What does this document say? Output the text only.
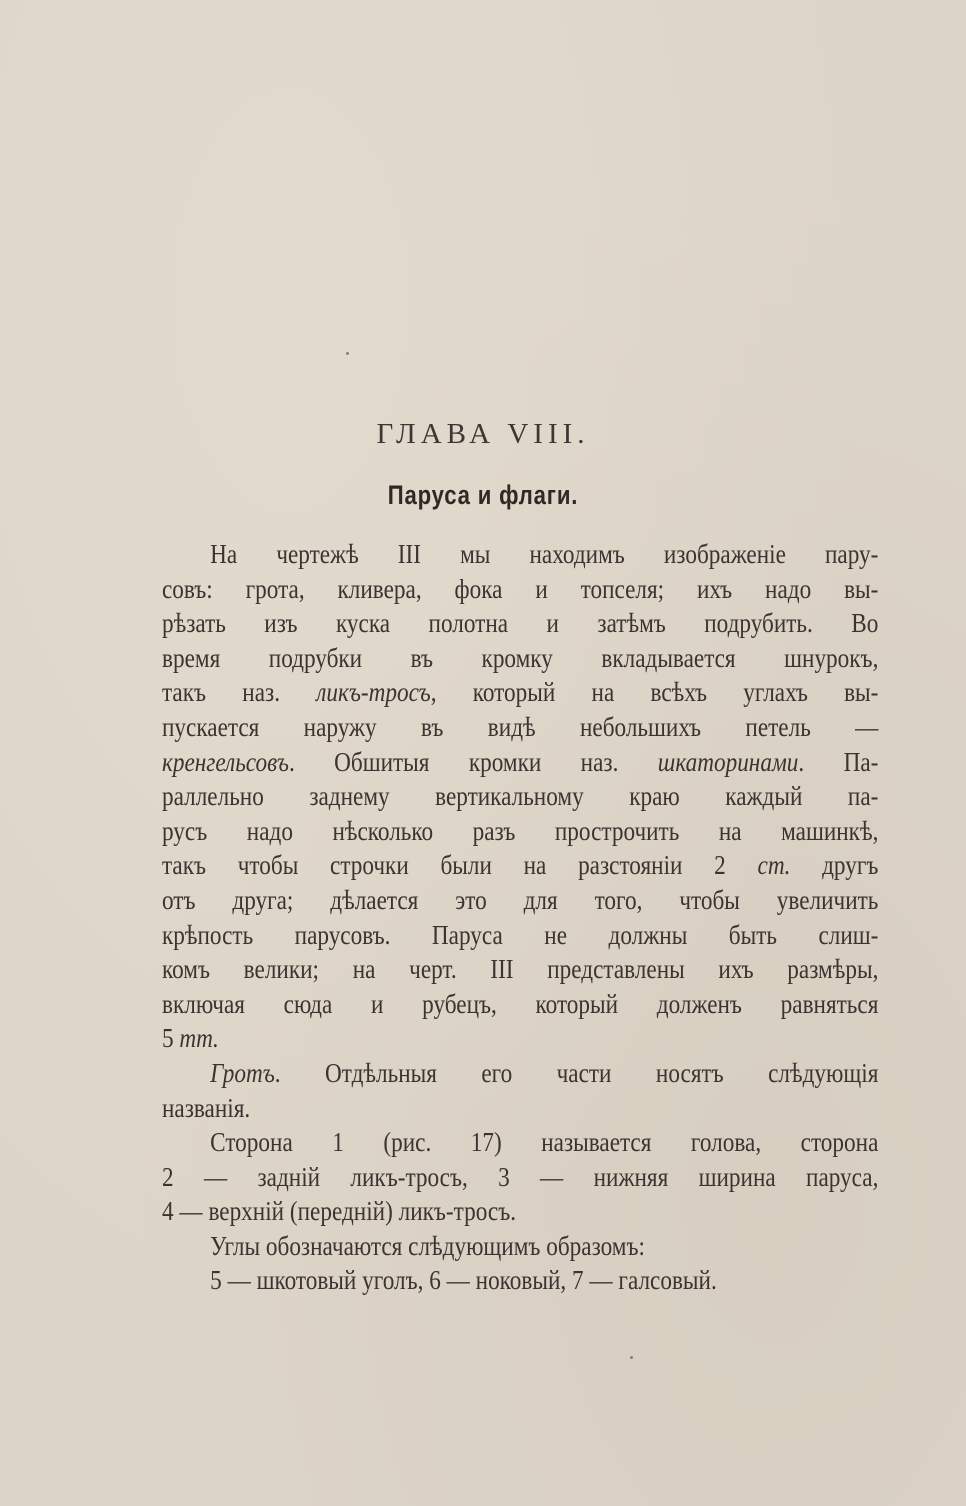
ГЛАВА VIII.
Паруса и флаги.
На чертежѣ III мы находимъ изображенiе пару-
совъ: грота, кливера, фока и топселя; ихъ надо вы-
рѣзать изъ куска полотна и затѣмъ подрубить. Во
время подрубки въ кромку вкладывается шнурокъ,
такъ наз. ликъ-тросъ, который на всѣхъ углахъ вы-
пускается наружу въ видѣ небольшихъ петель —
кренгельсовъ. Обшитыя кромки наз. шкаторинами. Па-
раллельно заднему вертикальному краю каждый па-
русъ надо нѣсколько разъ прострочить на машинкѣ,
такъ чтобы строчки были на разстоянiи 2 cm. другъ
отъ друга; дѣлается это для того, чтобы увеличить
крѣпость парусовъ. Паруса не должны быть слиш-
комъ велики; на черт. III представлены ихъ размѣры,
включая сюда и рубецъ, который долженъ равняться
5 mm.
Гротъ. Отдѣльныя его части носятъ слѣдующiя
названiя.
Сторона 1 (рис. 17) называется голова, сторона
2 — заднiй ликъ-тросъ, 3 — нижняя ширина паруса,
4 — верхнiй (переднiй) ликъ-тросъ.
Углы обозначаются слѣдующимъ образомъ:
5 — шкотовый уголъ, 6 — ноковый, 7 — галсовый.
